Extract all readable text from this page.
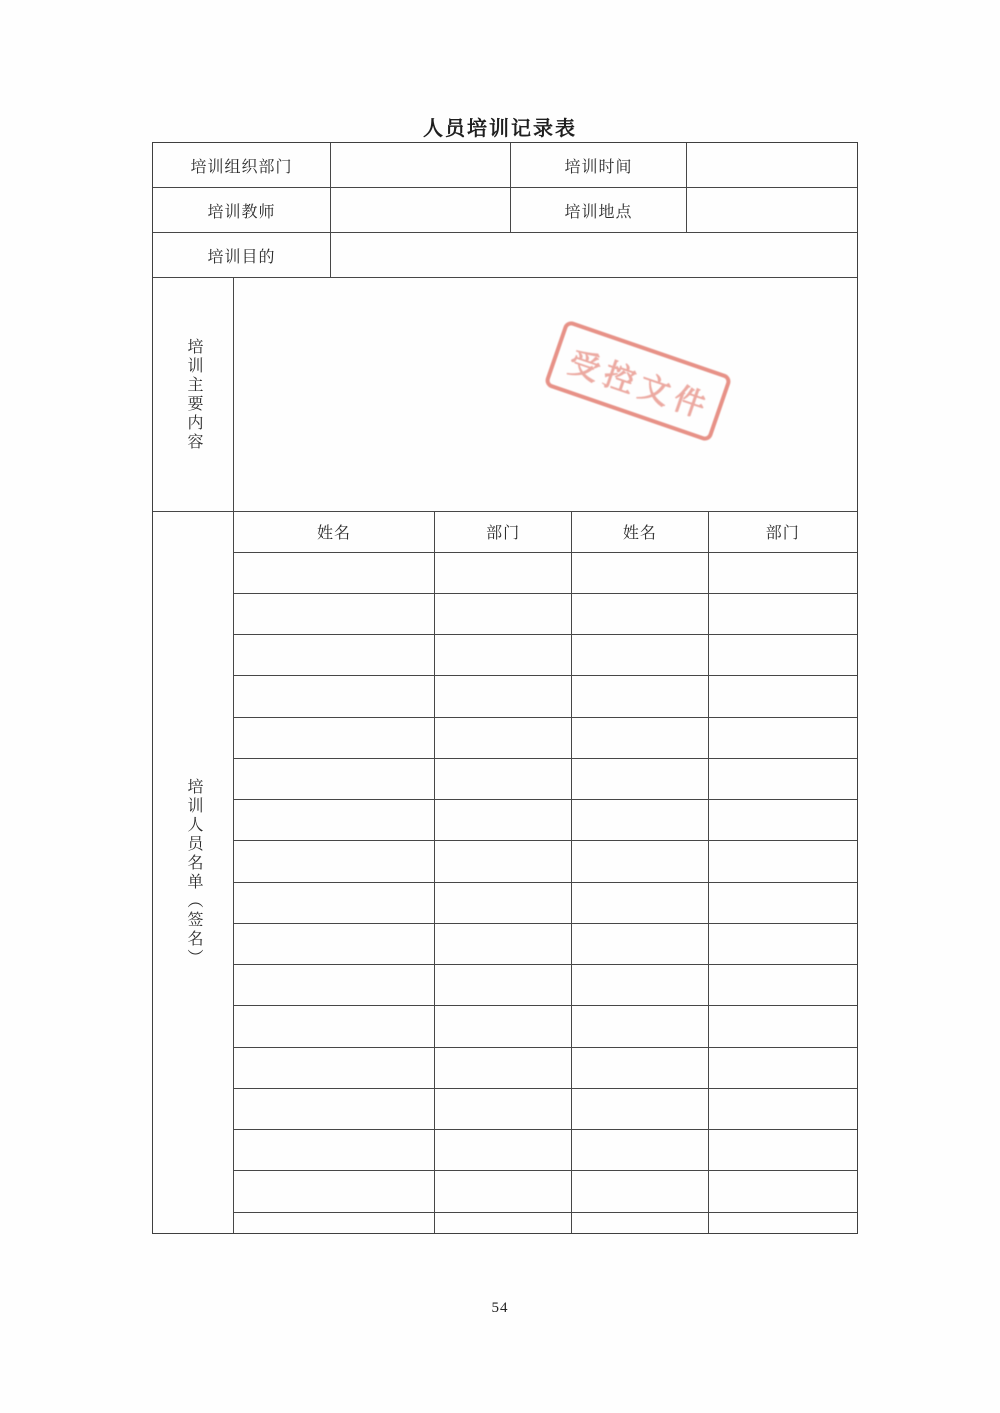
人员培训记录表
培训组织部门	培训时间
培训教师	培训地点
培训目的
培训主要内容	受控文件
培训人员名单（签名）
姓名	部门	姓名	部门

54
